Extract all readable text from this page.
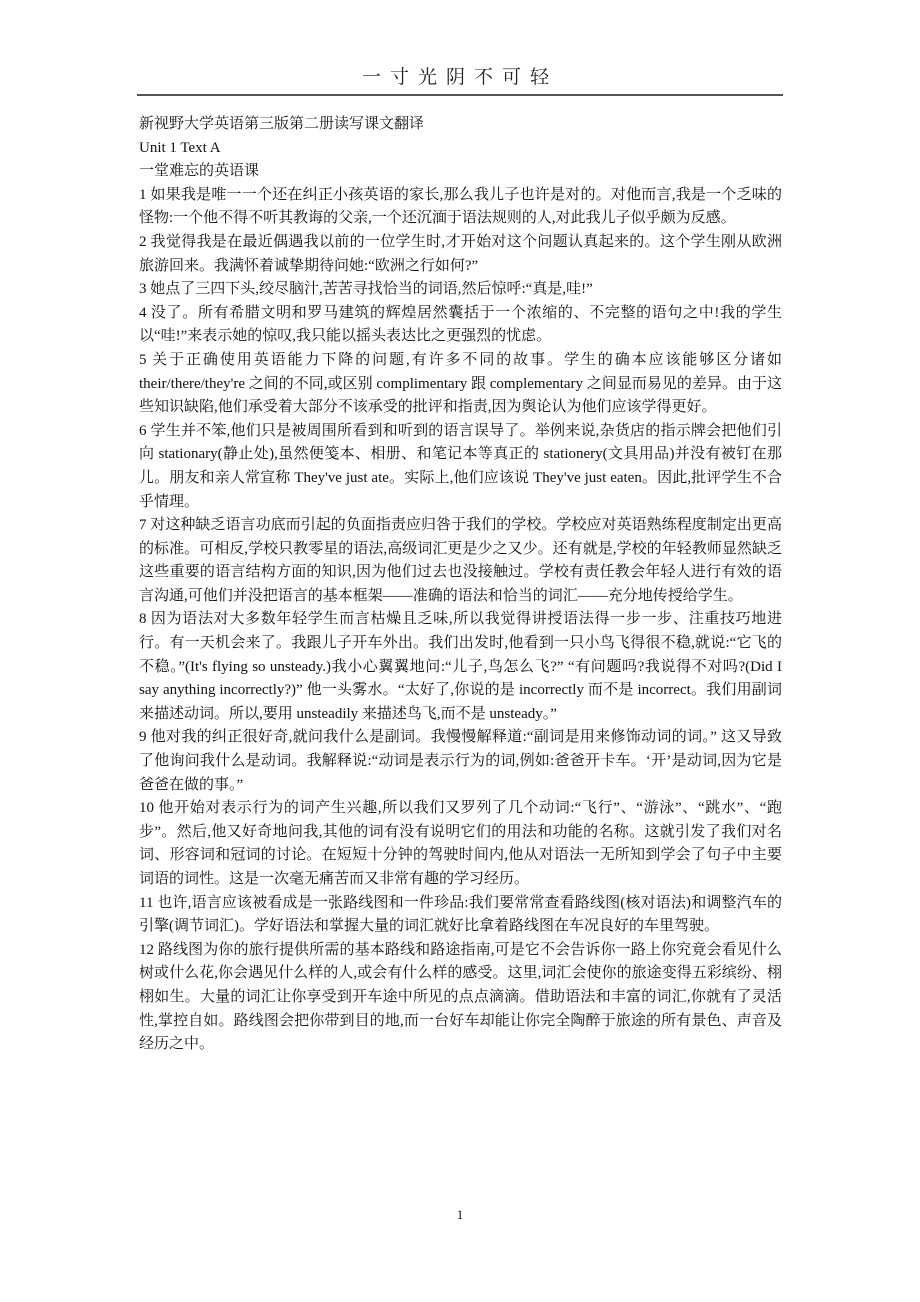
一寸光阴不可轻

新视野大学英语第三版第二册读写课文翻译

Unit 1 Text A

一堂难忘的英语课

1 如果我是唯一一个还在纠正小孩英语的家长,那么我儿子也许是对的。对他而言,我是一个乏味的怪物:一个他不得不听其教诲的父亲,一个还沉湎于语法规则的人,对此我儿子似乎颇为反感。

2 我觉得我是在最近偶遇我以前的一位学生时,才开始对这个问题认真起来的。这个学生刚从欧洲旅游回来。我满怀着诚挚期待问她:“欧洲之行如何?”

3 她点了三四下头,绞尽脑汁,苦苦寻找恰当的词语,然后惊呼:“真是,哇!”

4 没了。所有希腊文明和罗马建筑的辉煌居然囊括于一个浓缩的、不完整的语句之中!我的学生以“哇!”来表示她的惊叹,我只能以摇头表达比之更强烈的忧虑。

5 关于正确使用英语能力下降的问题,有许多不同的故事。学生的确本应该能够区分诸如 their/there/they're 之间的不同,或区别 complimentary 跟 complementary 之间显而易见的差异。由于这些知识缺陷,他们承受着大部分不该承受的批评和指责,因为舆论认为他们应该学得更好。

6 学生并不笨,他们只是被周围所看到和听到的语言误导了。举例来说,杂货店的指示牌会把他们引向 stationary(静止处),虽然便笺本、相册、和笔记本等真正的 stationery(文具用品)并没有被钉在那儿。朋友和亲人常宣称 They've just ate。实际上,他们应该说 They've just eaten。因此,批评学生不合乎情理。

7 对这种缺乏语言功底而引起的负面指责应归咎于我们的学校。学校应对英语熟练程度制定出更高的标准。可相反,学校只教零星的语法,高级词汇更是少之又少。还有就是,学校的年轻教师显然缺乏这些重要的语言结构方面的知识,因为他们过去也没接触过。学校有责任教会年轻人进行有效的语言沟通,可他们并没把语言的基本框架——准确的语法和恰当的词汇——充分地传授给学生。

8 因为语法对大多数年轻学生而言枯燥且乏味,所以我觉得讲授语法得一步一步、注重技巧地进行。有一天机会来了。我跟儿子开车外出。我们出发时,他看到一只小鸟飞得很不稳,就说:“它飞的不稳。”(It's flying so unsteady.)我小心翼翼地问:“儿子,鸟怎么飞?” “有问题吗?我说得不对吗?(Did I say anything incorrectly?)” 他一头雾水。“太好了,你说的是 incorrectly 而不是 incorrect。我们用副词来描述动词。所以,要用 unsteadily 来描述鸟飞,而不是 unsteady。”

9 他对我的纠正很好奇,就问我什么是副词。我慢慢解释道:“副词是用来修饰动词的词。” 这又导致了他询问我什么是动词。我解释说:“动词是表示行为的词,例如:爸爸开卡车。‘开’是动词,因为它是爸爸在做的事。”

10 他开始对表示行为的词产生兴趣,所以我们又罗列了几个动词:“飞行”、“游泳”、“跳水”、“跑步”。然后,他又好奇地问我,其他的词有没有说明它们的用法和功能的名称。这就引发了我们对名词、形容词和冠词的讨论。在短短十分钟的驾驶时间内,他从对语法一无所知到学会了句子中主要词语的词性。这是一次毫无痛苦而又非常有趣的学习经历。

11 也许,语言应该被看成是一张路线图和一件珍品:我们要常常查看路线图(核对语法)和调整汽车的引擎(调节词汇)。学好语法和掌握大量的词汇就好比拿着路线图在车况良好的车里驾驶。

12 路线图为你的旅行提供所需的基本路线和路途指南,可是它不会告诉你一路上你究竟会看见什么树或什么花,你会遇见什么样的人,或会有什么样的感受。这里,词汇会使你的旅途变得五彩缤纷、栩栩如生。大量的词汇让你享受到开车途中所见的点点滴滴。借助语法和丰富的词汇,你就有了灵活性,掌控自如。路线图会把你带到目的地,而一台好车却能让你完全陶醉于旅途的所有景色、声音及经历之中。

1
